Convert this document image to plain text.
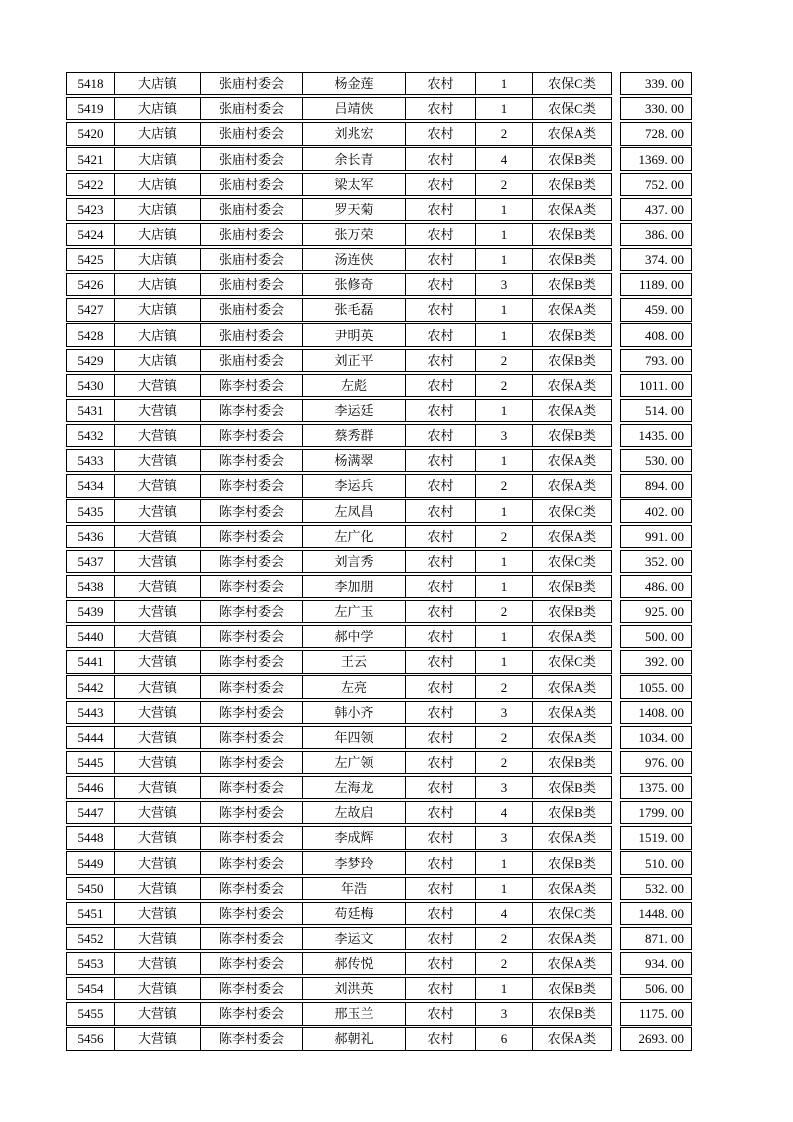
5418	大店镇	张庙村委会	杨金莲	农村	1	农保C类	339. 00
5419	大店镇	张庙村委会	吕靖侠	农村	1	农保C类	330. 00
5420	大店镇	张庙村委会	刘兆宏	农村	2	农保A类	728. 00
5421	大店镇	张庙村委会	余长青	农村	4	农保B类	1369. 00
5422	大店镇	张庙村委会	梁太军	农村	2	农保B类	752. 00
5423	大店镇	张庙村委会	罗天菊	农村	1	农保A类	437. 00
5424	大店镇	张庙村委会	张万荣	农村	1	农保B类	386. 00
5425	大店镇	张庙村委会	汤连侠	农村	1	农保B类	374. 00
5426	大店镇	张庙村委会	张修奇	农村	3	农保B类	1189. 00
5427	大店镇	张庙村委会	张毛磊	农村	1	农保A类	459. 00
5428	大店镇	张庙村委会	尹明英	农村	1	农保B类	408. 00
5429	大店镇	张庙村委会	刘正平	农村	2	农保B类	793. 00
5430	大营镇	陈李村委会	左彪	农村	2	农保A类	1011. 00
5431	大营镇	陈李村委会	李运廷	农村	1	农保A类	514. 00
5432	大营镇	陈李村委会	蔡秀群	农村	3	农保B类	1435. 00
5433	大营镇	陈李村委会	杨满翠	农村	1	农保A类	530. 00
5434	大营镇	陈李村委会	李运兵	农村	2	农保A类	894. 00
5435	大营镇	陈李村委会	左凤昌	农村	1	农保C类	402. 00
5436	大营镇	陈李村委会	左广化	农村	2	农保A类	991. 00
5437	大营镇	陈李村委会	刘言秀	农村	1	农保C类	352. 00
5438	大营镇	陈李村委会	李加朋	农村	1	农保B类	486. 00
5439	大营镇	陈李村委会	左广玉	农村	2	农保B类	925. 00
5440	大营镇	陈李村委会	郝中学	农村	1	农保A类	500. 00
5441	大营镇	陈李村委会	王云	农村	1	农保C类	392. 00
5442	大营镇	陈李村委会	左亮	农村	2	农保A类	1055. 00
5443	大营镇	陈李村委会	韩小齐	农村	3	农保A类	1408. 00
5444	大营镇	陈李村委会	年四领	农村	2	农保A类	1034. 00
5445	大营镇	陈李村委会	左广领	农村	2	农保B类	976. 00
5446	大营镇	陈李村委会	左海龙	农村	3	农保B类	1375. 00
5447	大营镇	陈李村委会	左故启	农村	4	农保B类	1799. 00
5448	大营镇	陈李村委会	李成辉	农村	3	农保A类	1519. 00
5449	大营镇	陈李村委会	李梦玲	农村	1	农保B类	510. 00
5450	大营镇	陈李村委会	年浩	农村	1	农保A类	532. 00
5451	大营镇	陈李村委会	苟廷梅	农村	4	农保C类	1448. 00
5452	大营镇	陈李村委会	李运文	农村	2	农保A类	871. 00
5453	大营镇	陈李村委会	郝传悦	农村	2	农保A类	934. 00
5454	大营镇	陈李村委会	刘洪英	农村	1	农保B类	506. 00
5455	大营镇	陈李村委会	邢玉兰	农村	3	农保B类	1175. 00
5456	大营镇	陈李村委会	郝朝礼	农村	6	农保A类	2693. 00
